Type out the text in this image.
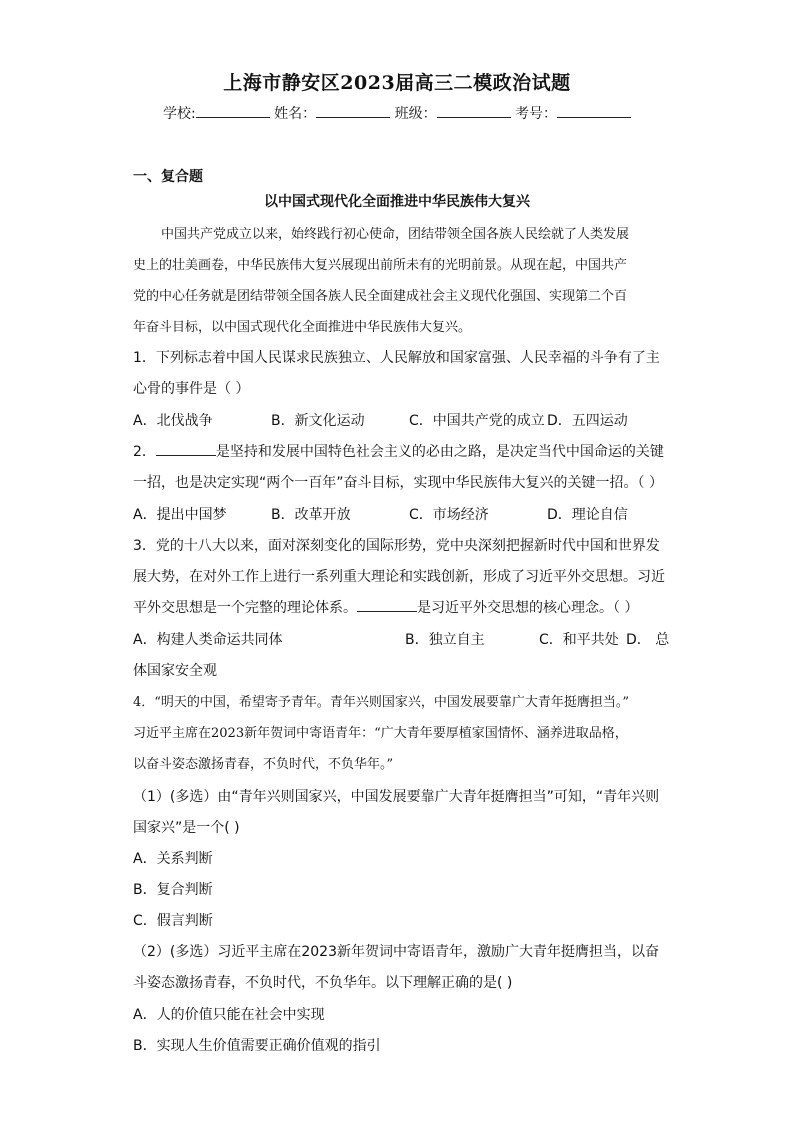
上海市静安区2023届高三二模政治试题
学校:	姓名：	班级：	考号：
一、复合题
以中国式现代化全面推进中华民族伟大复兴
中国共产党成立以来，始终践行初心使命，团结带领全国各族人民绘就了人类发展
史上的壮美画卷，中华民族伟大复兴展现出前所未有的光明前景。从现在起，中国共产
党的中心任务就是团结带领全国各族人民全面建成社会主义现代化强国、实现第二个百
年奋斗目标，以中国式现代化全面推进中华民族伟大复兴。
1．下列标志着中国人民谋求民族独立、人民解放和国家富强、人民幸福的斗争有了主
心骨的事件是（ ）
A．北伐战争	B．新文化运动	C．中国共产党的成立 D．五四运动
2．	是坚持和发展中国特色社会主义的必由之路，是决定当代中国命运的关键
一招，也是决定实现“两个一百年”奋斗目标，实现中华民族伟大复兴的关键一招。（ ）
A．提出中国梦	B．改革开放	C．市场经济	D．理论自信
3．党的十八大以来，面对深刻变化的国际形势，党中央深刻把握新时代中国和世界发
展大势，在对外工作上进行一系列重大理论和实践创新，形成了习近平外交思想。习近
平外交思想是一个完整的理论体系。	是习近平外交思想的核心理念。（ ）
A．构建人类命运共同体	B．独立自主	C．和平共处 D． 总
体国家安全观
4．“明天的中国，希望寄予青年。青年兴则国家兴，中国发展要靠广大青年挺膺担当。”
习近平主席在2023新年贺词中寄语青年：“广大青年要厚植家国情怀、涵养进取品格，
以奋斗姿态激扬青春，不负时代，不负华年。”
（1）(多选）由“青年兴则国家兴，中国发展要靠广大青年挺膺担当”可知，“青年兴则
国家兴”是一个( )
A．关系判断
B．复合判断
C．假言判断
（2）(多选）习近平主席在2023新年贺词中寄语青年，激励广大青年挺膺担当，以奋
斗姿态激扬青春，不负时代，不负华年。以下理解正确的是( )
A．人的价值只能在社会中实现
B．实现人生价值需要正确价值观的指引
